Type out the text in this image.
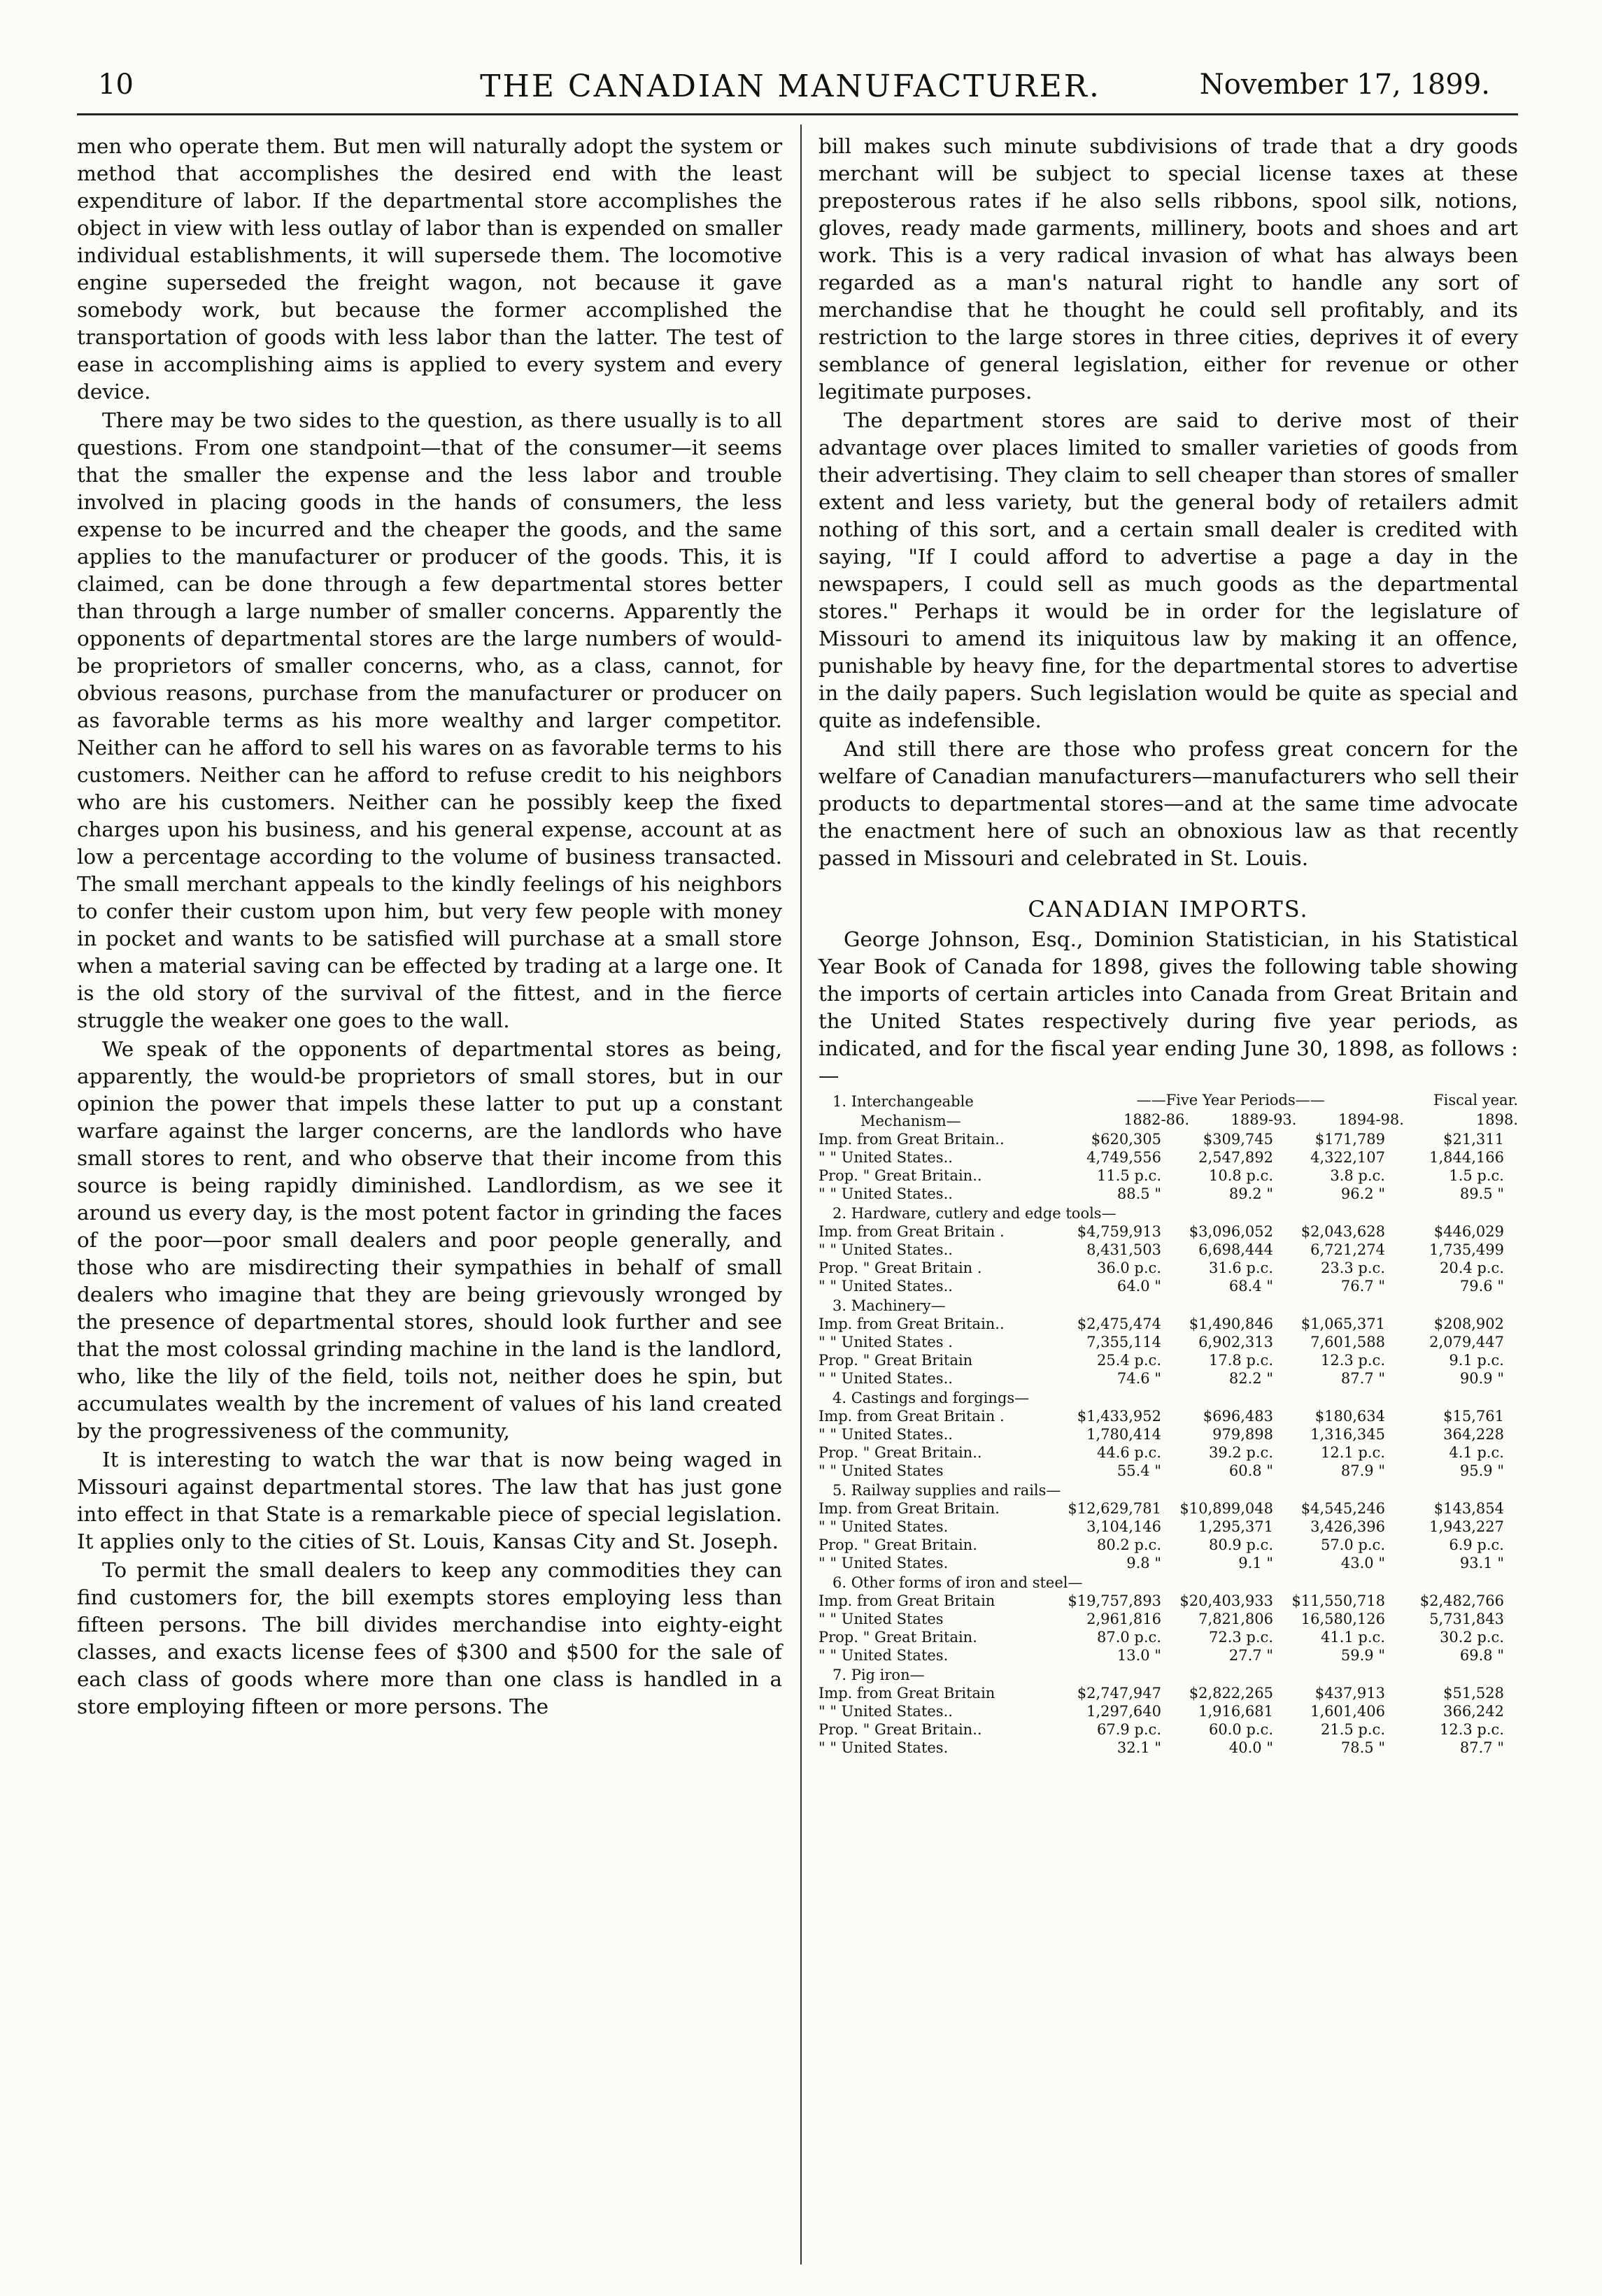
10	THE CANADIAN MANUFACTURER.	November 17, 1899.

men who operate them. But men will naturally adopt the system or method that accomplishes the desired end with the least expenditure of labor. If the departmental store accomplishes the object in view with less outlay of labor than is expended on smaller individual establishments, it will supersede them. The locomotive engine superseded the freight wagon, not because it gave somebody work, but because the former accomplished the transportation of goods with less labor than the latter. The test of ease in accomplishing aims is applied to every system and every device.

There may be two sides to the question, as there usually is to all questions. From one standpoint—that of the consumer—it seems that the smaller the expense and the less labor and trouble involved in placing goods in the hands of consumers, the less expense to be incurred and the cheaper the goods, and the same applies to the manufacturer or producer of the goods. This, it is claimed, can be done through a few departmental stores better than through a large number of smaller concerns. Apparently the opponents of departmental stores are the large numbers of would-be proprietors of smaller concerns, who, as a class, cannot, for obvious reasons, purchase from the manufacturer or producer on as favorable terms as his more wealthy and larger competitor. Neither can he afford to sell his wares on as favorable terms to his customers. Neither can he afford to refuse credit to his neighbors who are his customers. Neither can he possibly keep the fixed charges upon his business, and his general expense, account at as low a percentage according to the volume of business transacted. The small merchant appeals to the kindly feelings of his neighbors to confer their custom upon him, but very few people with money in pocket and wants to be satisfied will purchase at a small store when a material saving can be effected by trading at a large one. It is the old story of the survival of the fittest, and in the fierce struggle the weaker one goes to the wall.

We speak of the opponents of departmental stores as being, apparently, the would-be proprietors of small stores, but in our opinion the power that impels these latter to put up a constant warfare against the larger concerns, are the landlords who have small stores to rent, and who observe that their income from this source is being rapidly diminished. Landlordism, as we see it around us every day, is the most potent factor in grinding the faces of the poor—poor small dealers and poor people generally, and those who are misdirecting their sympathies in behalf of small dealers who imagine that they are being grievously wronged by the presence of departmental stores, should look further and see that the most colossal grinding machine in the land is the landlord, who, like the lily of the field, toils not, neither does he spin, but accumulates wealth by the increment of values of his land created by the progressiveness of the community,

It is interesting to watch the war that is now being waged in Missouri against departmental stores. The law that has just gone into effect in that State is a remarkable piece of special legislation. It applies only to the cities of St. Louis, Kansas City and St. Joseph.

To permit the small dealers to keep any commodities they can find customers for, the bill exempts stores employing less than fifteen persons. The bill divides merchandise into eighty-eight classes, and exacts license fees of $300 and $500 for the sale of each class of goods where more than one class is handled in a store employing fifteen or more persons. The

bill makes such minute subdivisions of trade that a dry goods merchant will be subject to special license taxes at these preposterous rates if he also sells ribbons, spool silk, notions, gloves, ready made garments, millinery, boots and shoes and art work. This is a very radical invasion of what has always been regarded as a man's natural right to handle any sort of merchandise that he thought he could sell profitably, and its restriction to the large stores in three cities, deprives it of every semblance of general legislation, either for revenue or other legitimate purposes.

The department stores are said to derive most of their advantage over places limited to smaller varieties of goods from their advertising. They claim to sell cheaper than stores of smaller extent and less variety, but the general body of retailers admit nothing of this sort, and a certain small dealer is credited with saying, "If I could afford to advertise a page a day in the newspapers, I could sell as much goods as the departmental stores." Perhaps it would be in order for the legislature of Missouri to amend its iniquitous law by making it an offence, punishable by heavy fine, for the departmental stores to advertise in the daily papers. Such legislation would be quite as special and quite as indefensible.

And still there are those who profess great concern for the welfare of Canadian manufacturers—manufacturers who sell their products to departmental stores—and at the same time advocate the enactment here of such an obnoxious law as that recently passed in Missouri and celebrated in St. Louis.

CANADIAN IMPORTS.

George Johnson, Esq., Dominion Statistician, in his Statistical Year Book of Canada for 1898, gives the following table showing the imports of certain articles into Canada from Great Britain and the United States respectively during five year periods, as indicated, and for the fiscal year ending June 30, 1898, as follows :—

1. Interchangeable	——Five Year Periods——	Fiscal year.
Mechanism—	1882-86.	1889-93.	1894-98.	1898.
Imp. from Great Britain..	$620,305	$309,745	$171,789	$21,311
" " United States..	4,749,556	2,547,892	4,322,107	1,844,166
Prop. " Great Britain..	11.5 p.c.	10.8 p.c.	3.8 p.c.	1.5 p.c.
" " United States..	88.5 "	89.2 "	96.2 "	89.5 "
2. Hardware, cutlery and edge tools—
Imp. from Great Britain .	$4,759,913	$3,096,052	$2,043,628	$446,029
" " United States..	8,431,503	6,698,444	6,721,274	1,735,499
Prop. " Great Britain .	36.0 p.c.	31.6 p.c.	23.3 p.c.	20.4 p.c.
" " United States..	64.0 "	68.4 "	76.7 "	79.6 "
3. Machinery—
Imp. from Great Britain..	$2,475,474	$1,490,846	$1,065,371	$208,902
" " United States .	7,355,114	6,902,313	7,601,588	2,079,447
Prop. " Great Britain	25.4 p.c.	17.8 p.c.	12.3 p.c.	9.1 p.c.
" " United States..	74.6 "	82.2 "	87.7 "	90.9 "
4. Castings and forgings—
Imp. from Great Britain .	$1,433,952	$696,483	$180,634	$15,761
" " United States..	1,780,414	979,898	1,316,345	364,228
Prop. " Great Britain..	44.6 p.c.	39.2 p.c.	12.1 p.c.	4.1 p.c.
" " United States	55.4 "	60.8 "	87.9 "	95.9 "
5. Railway supplies and rails—
Imp. from Great Britain.	$12,629,781	$10,899,048	$4,545,246	$143,854
" " United States.	3,104,146	1,295,371	3,426,396	1,943,227
Prop. " Great Britain.	80.2 p.c.	80.9 p.c.	57.0 p.c.	6.9 p.c.
" " United States.	9.8 "	9.1 "	43.0 "	93.1 "
6. Other forms of iron and steel—
Imp. from Great Britain	$19,757,893	$20,403,933	$11,550,718	$2,482,766
" " United States	2,961,816	7,821,806	16,580,126	5,731,843
Prop. " Great Britain.	87.0 p.c.	72.3 p.c.	41.1 p.c.	30.2 p.c.
" " United States.	13.0 "	27.7 "	59.9 "	69.8 "
7. Pig iron—
Imp. from Great Britain	$2,747,947	$2,822,265	$437,913	$51,528
" " United States..	1,297,640	1,916,681	1,601,406	366,242
Prop. " Great Britain..	67.9 p.c.	60.0 p.c.	21.5 p.c.	12.3 p.c.
" " United States.	32.1 "	40.0 "	78.5 "	87.7 "
